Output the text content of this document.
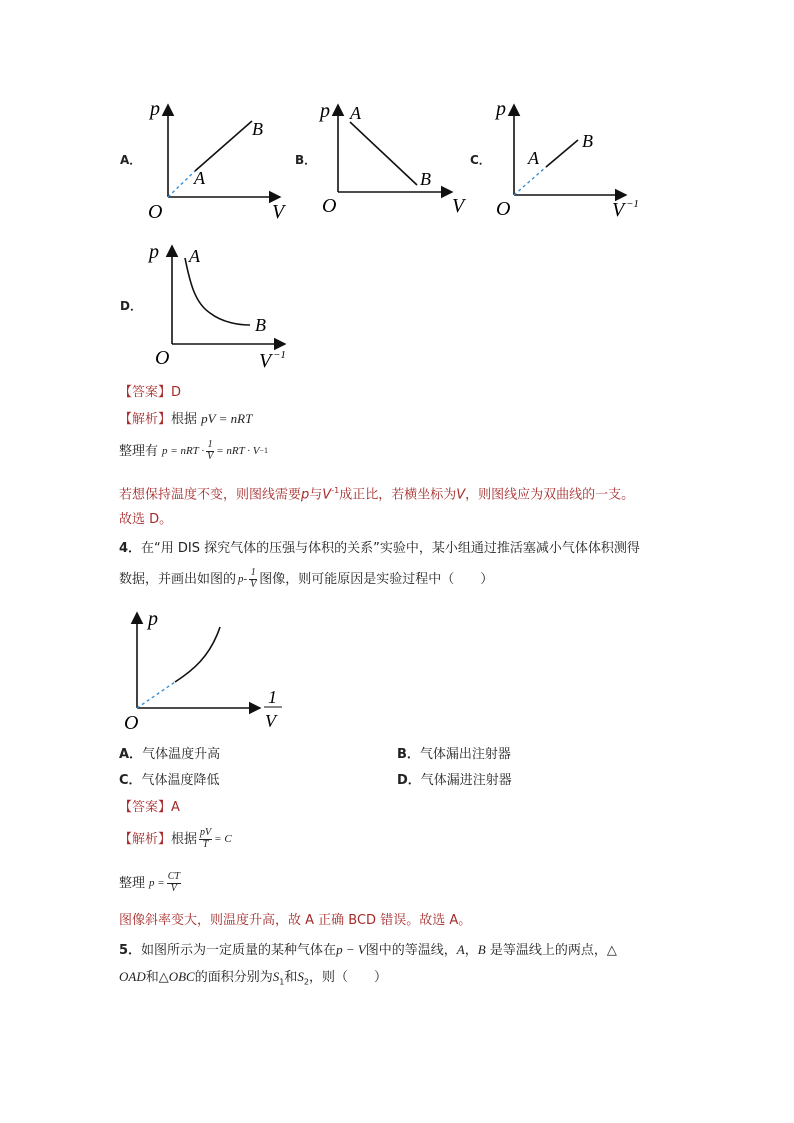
A．
p
O	V
A
B
B．
p A
O	V
B
C．
p
O
A
B
V −1
D．
p A
B
O	V −1
【答案】D
【解析】根据 pV = nRT
整理有 p = nRT · $\frac{1}{V}$ = nRT · V −1
若想保持温度不变，则图线需要p与$V^{-1}$成正比，若横坐标为V，则图线应为双曲线的一支。
故选 D。
4．在“用 DIS 探究气体的压强与体积的关系”实验中，某小组通过推活塞减小气体体积测得
数据，并画出如图的 $p- \frac{1}{V}$ 图像，则可能原因是实验过程中（　　）
p
O
1
V
A．气体温度升高	B．气体漏出注射器
C．气体温度降低	D．气体漏进注射器
【答案】A
【解析】 根据 $\frac{pV}{T} = C$
整理 $p = \frac{CT}{V}$
图像斜率变大，则温度升高，故 A 正确 BCD 错误。故选 A。
5．如图所示为一定质量的某种气体在p − V图中的等温线，A，B 是等温线上的两点，△
OAD和△OBC的面积分别为$S_1$和$S_2$，则（　　）
